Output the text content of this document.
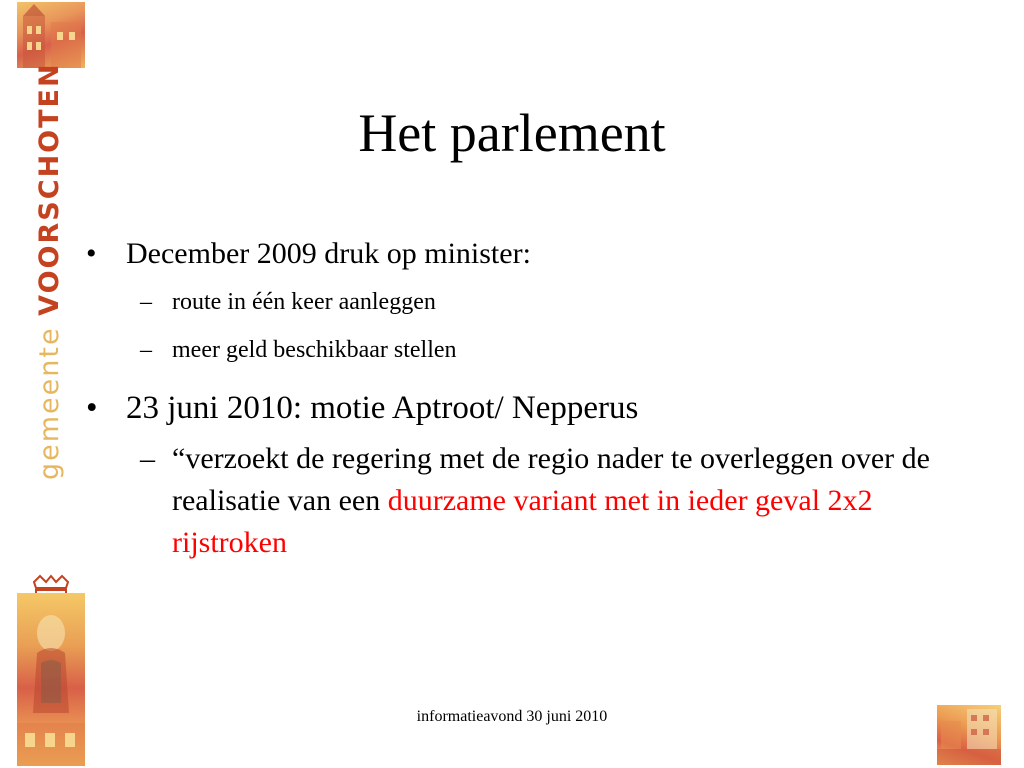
gemeente VOORSCHOTEN	Het parlement
• December 2009 druk op minister:
– route in één keer aanleggen
– meer geld beschikbaar stellen
• 23 juni 2010: motie Aptroot/ Nepperus
– “verzoekt de regering met de regio nader te overleggen over de realisatie van een duurzame variant met in ieder geval 2x2 rijstroken
informatieavond 30 juni 2010
